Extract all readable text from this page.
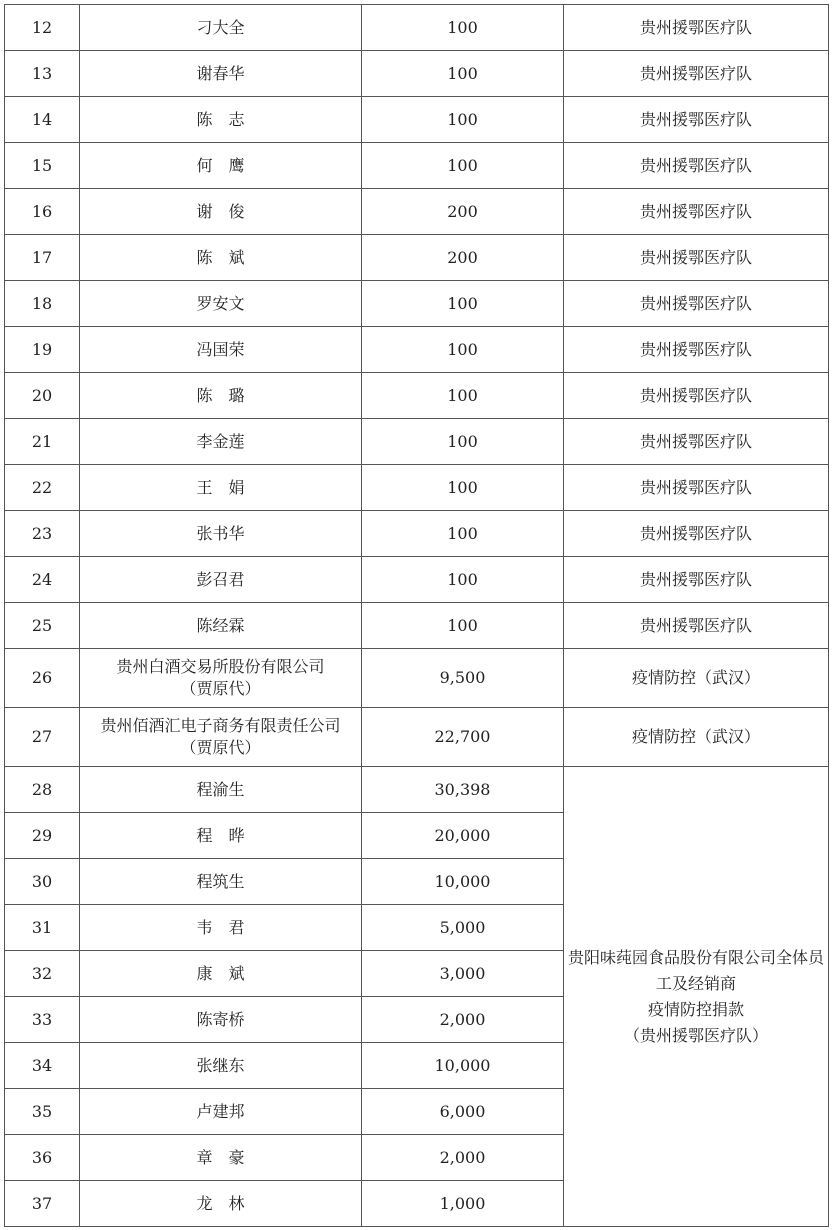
12	刁大全	100	贵州援鄂医疗队
13	谢春华	100	贵州援鄂医疗队
14	陈　志	100	贵州援鄂医疗队
15	何　鹰	100	贵州援鄂医疗队
16	谢　俊	200	贵州援鄂医疗队
17	陈　斌	200	贵州援鄂医疗队
18	罗安文	100	贵州援鄂医疗队
19	冯国荣	100	贵州援鄂医疗队
20	陈　璐	100	贵州援鄂医疗队
21	李金莲	100	贵州援鄂医疗队
22	王　娟	100	贵州援鄂医疗队
23	张书华	100	贵州援鄂医疗队
24	彭召君	100	贵州援鄂医疗队
25	陈经霖	100	贵州援鄂医疗队
26	贵州白酒交易所股份有限公司
（贾原代）	9,500	疫情防控（武汉）
27	贵州佰酒汇电子商务有限责任公司
（贾原代）	22,700	疫情防控（武汉）
28	程渝生	30,398	贵阳味莼园食品股份有限公司全体员工及经销商
疫情防控捐款
（贵州援鄂医疗队）
29	程　晔	20,000	
30	程筑生	10,000	
31	韦　君	5,000	
32	康　斌	3,000	
33	陈寄桥	2,000	
34	张继东	10,000	
35	卢建邦	6,000	
36	章　豪	2,000	
37	龙　林	1,000	
